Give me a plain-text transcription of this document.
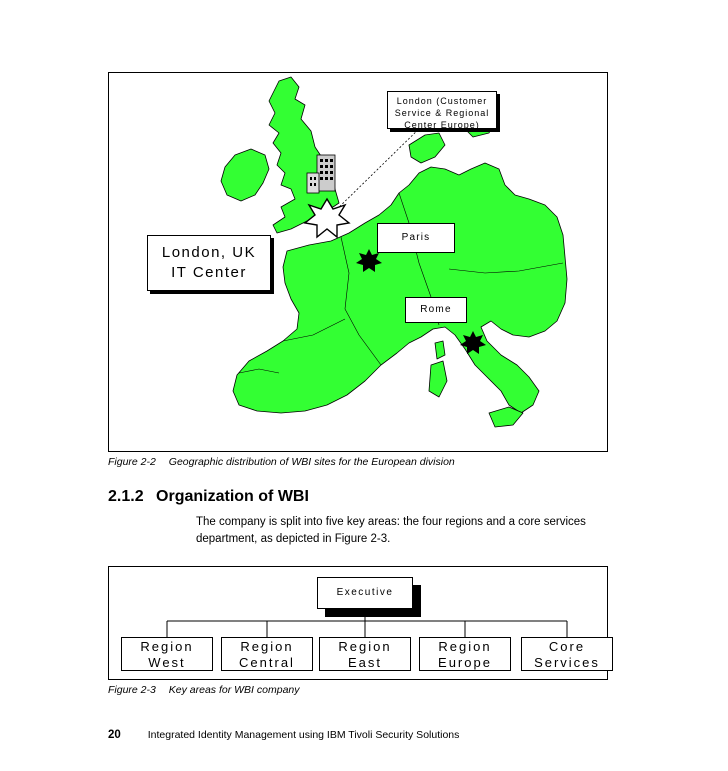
London (Customer
Service & Regional
Center Europe)
Paris
Rome
London, UK
IT Center
Figure 2-2 Geographic distribution of WBI sites for the European division
2.1.2 Organization of WBI
The company is split into five key areas: the four regions and a core services department, as depicted in Figure 2-3.
Executive
Region
West
Region
Central
Region
East
Region
Europe
Core
Services
Figure 2-3 Key areas for WBI company
20	Integrated Identity Management using IBM Tivoli Security Solutions
